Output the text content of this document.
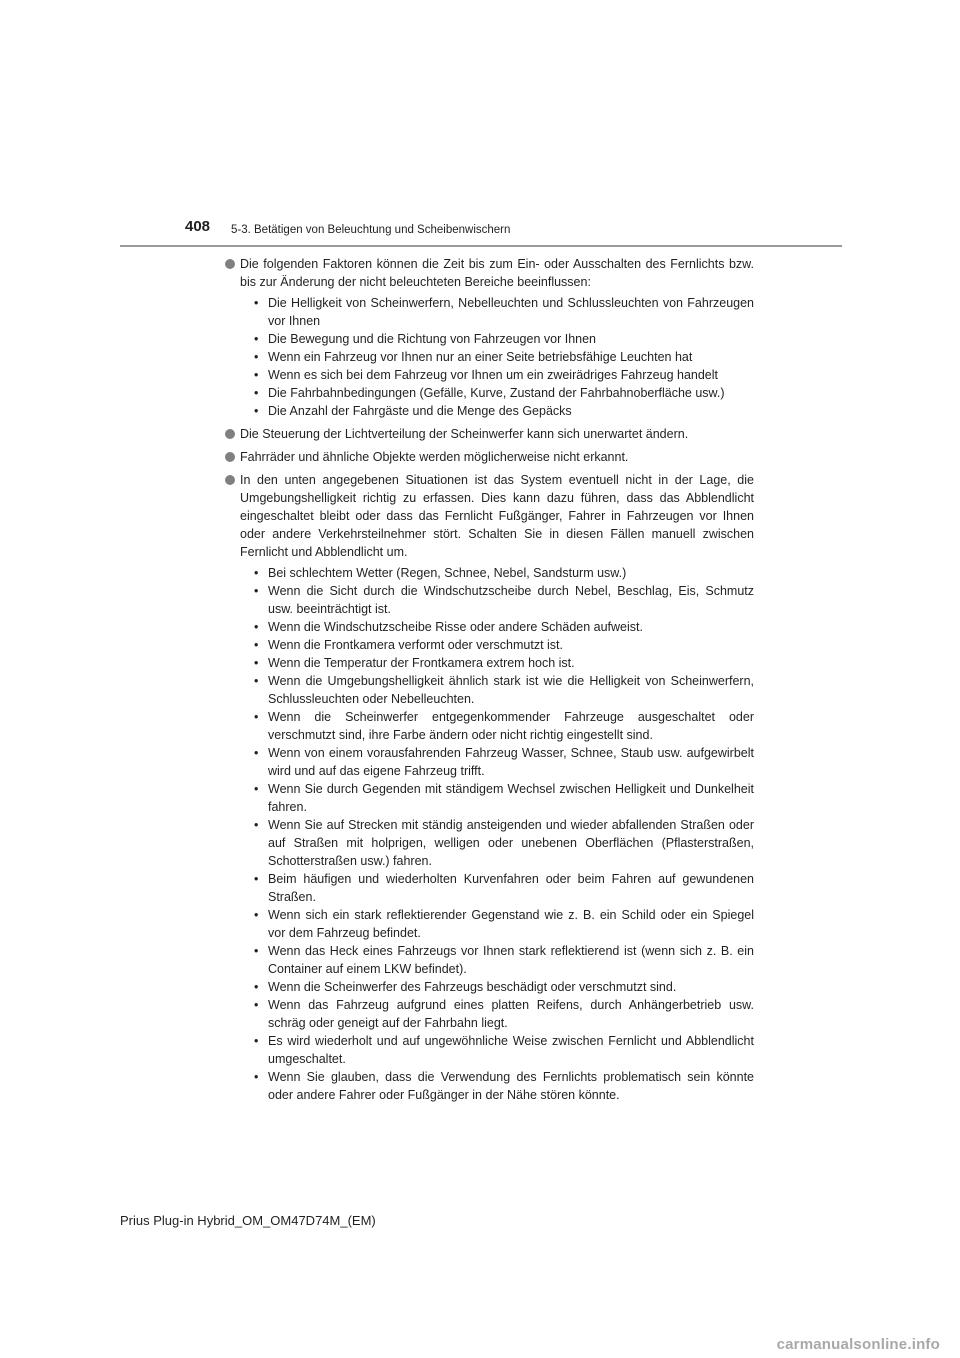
408 5-3. Betätigen von Beleuchtung und Scheibenwischern
Die folgenden Faktoren können die Zeit bis zum Ein- oder Ausschalten des Fernlichts bzw. bis zur Änderung der nicht beleuchteten Bereiche beeinflussen:
• Die Helligkeit von Scheinwerfern, Nebelleuchten und Schlussleuchten von Fahrzeugen vor Ihnen
• Die Bewegung und die Richtung von Fahrzeugen vor Ihnen
• Wenn ein Fahrzeug vor Ihnen nur an einer Seite betriebsfähige Leuchten hat
• Wenn es sich bei dem Fahrzeug vor Ihnen um ein zweirädriges Fahrzeug handelt
• Die Fahrbahnbedingungen (Gefälle, Kurve, Zustand der Fahrbahnoberfläche usw.)
• Die Anzahl der Fahrgäste und die Menge des Gepäcks
Die Steuerung der Lichtverteilung der Scheinwerfer kann sich unerwartet ändern.
Fahrräder und ähnliche Objekte werden möglicherweise nicht erkannt.
In den unten angegebenen Situationen ist das System eventuell nicht in der Lage, die Umgebungshelligkeit richtig zu erfassen. Dies kann dazu führen, dass das Abblendlicht eingeschaltet bleibt oder dass das Fernlicht Fußgänger, Fahrer in Fahrzeugen vor Ihnen oder andere Verkehrsteilnehmer stört. Schalten Sie in diesen Fällen manuell zwischen Fernlicht und Abblendlicht um.
• Bei schlechtem Wetter (Regen, Schnee, Nebel, Sandsturm usw.)
• Wenn die Sicht durch die Windschutzscheibe durch Nebel, Beschlag, Eis, Schmutz usw. beeinträchtigt ist.
• Wenn die Windschutzscheibe Risse oder andere Schäden aufweist.
• Wenn die Frontkamera verformt oder verschmutzt ist.
• Wenn die Temperatur der Frontkamera extrem hoch ist.
• Wenn die Umgebungshelligkeit ähnlich stark ist wie die Helligkeit von Scheinwerfern, Schlussleuchten oder Nebelleuchten.
• Wenn die Scheinwerfer entgegenkommender Fahrzeuge ausgeschaltet oder verschmutzt sind, ihre Farbe ändern oder nicht richtig eingestellt sind.
• Wenn von einem vorausfahrenden Fahrzeug Wasser, Schnee, Staub usw. aufgewirbelt wird und auf das eigene Fahrzeug trifft.
• Wenn Sie durch Gegenden mit ständigem Wechsel zwischen Helligkeit und Dunkelheit fahren.
• Wenn Sie auf Strecken mit ständig ansteigenden und wieder abfallenden Straßen oder auf Straßen mit holprigen, welligen oder unebenen Oberflächen (Pflasterstraßen, Schotterstraßen usw.) fahren.
• Beim häufigen und wiederholten Kurvenfahren oder beim Fahren auf gewundenen Straßen.
• Wenn sich ein stark reflektierender Gegenstand wie z. B. ein Schild oder ein Spiegel vor dem Fahrzeug befindet.
• Wenn das Heck eines Fahrzeugs vor Ihnen stark reflektierend ist (wenn sich z. B. ein Container auf einem LKW befindet).
• Wenn die Scheinwerfer des Fahrzeugs beschädigt oder verschmutzt sind.
• Wenn das Fahrzeug aufgrund eines platten Reifens, durch Anhängerbetrieb usw. schräg oder geneigt auf der Fahrbahn liegt.
• Es wird wiederholt und auf ungewöhnliche Weise zwischen Fernlicht und Abblendlicht umgeschaltet.
• Wenn Sie glauben, dass die Verwendung des Fernlichts problematisch sein könnte oder andere Fahrer oder Fußgänger in der Nähe stören könnte.
Prius Plug-in Hybrid_OM_OM47D74M_(EM)
carmanualsonline.info
